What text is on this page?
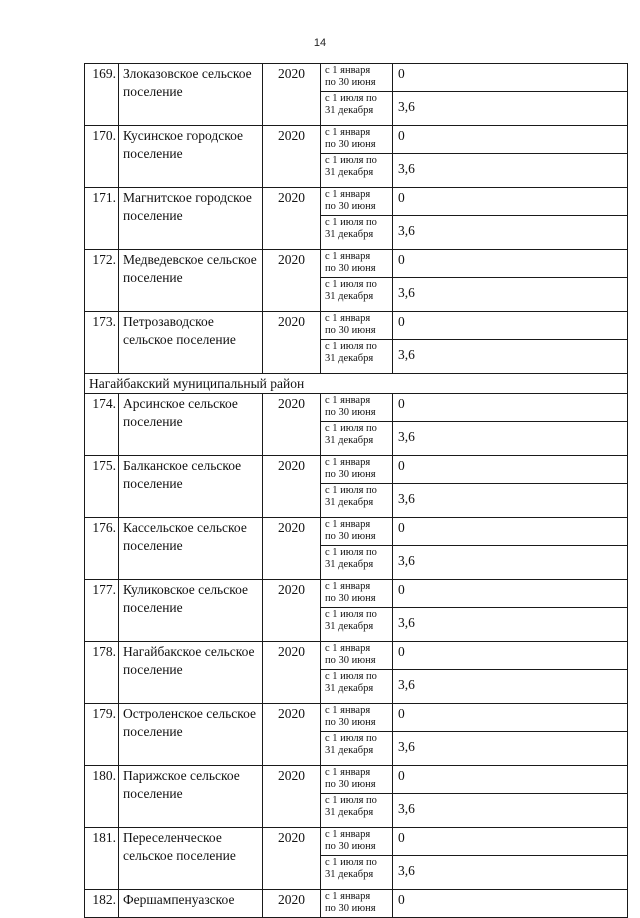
14
169.	Злоказовское сельское поселение	2020	с 1 января
по 30 июня	0

			с 1 июля по
31 декабря	3,6
170.	Кусинское городское поселение	2020	с 1 января
по 30 июня	0

			с 1 июля по
31 декабря	3,6
171.	Магнитское городское поселение	2020	с 1 января
по 30 июня	0

			с 1 июля по
31 декабря	3,6
172.	Медведевское сельское поселение	2020	с 1 января
по 30 июня	0

			с 1 июля по
31 декабря	3,6
173.	Петрозаводское сельское поселение	2020	с 1 января
по 30 июня	0

			с 1 июля по
31 декабря	3,6
Нагайбакский муниципальный район				
174.	Арсинское сельское поселение	2020	с 1 января
по 30 июня	0

			с 1 июля по
31 декабря	3,6
175.	Балканское сельское поселение	2020	с 1 января
по 30 июня	0

			с 1 июля по
31 декабря	3,6
176.	Кассельское сельское поселение	2020	с 1 января
по 30 июня	0

			с 1 июля по
31 декабря	3,6
177.	Куликовское сельское поселение	2020	с 1 января
по 30 июня	0

			с 1 июля по
31 декабря	3,6
178.	Нагайбакское сельское поселение	2020	с 1 января
по 30 июня	0

			с 1 июля по
31 декабря	3,6
179.	Остроленское сельское поселение	2020	с 1 января
по 30 июня	0

			с 1 июля по
31 декабря	3,6
180.	Парижское сельское поселение	2020	с 1 января
по 30 июня	0

			с 1 июля по
31 декабря	3,6
181.	Переселенческое сельское поселение	2020	с 1 января
по 30 июня	0

			с 1 июля по
31 декабря	3,6
182.	Фершампенуазское	2020	с 1 января
по 30 июня	0
